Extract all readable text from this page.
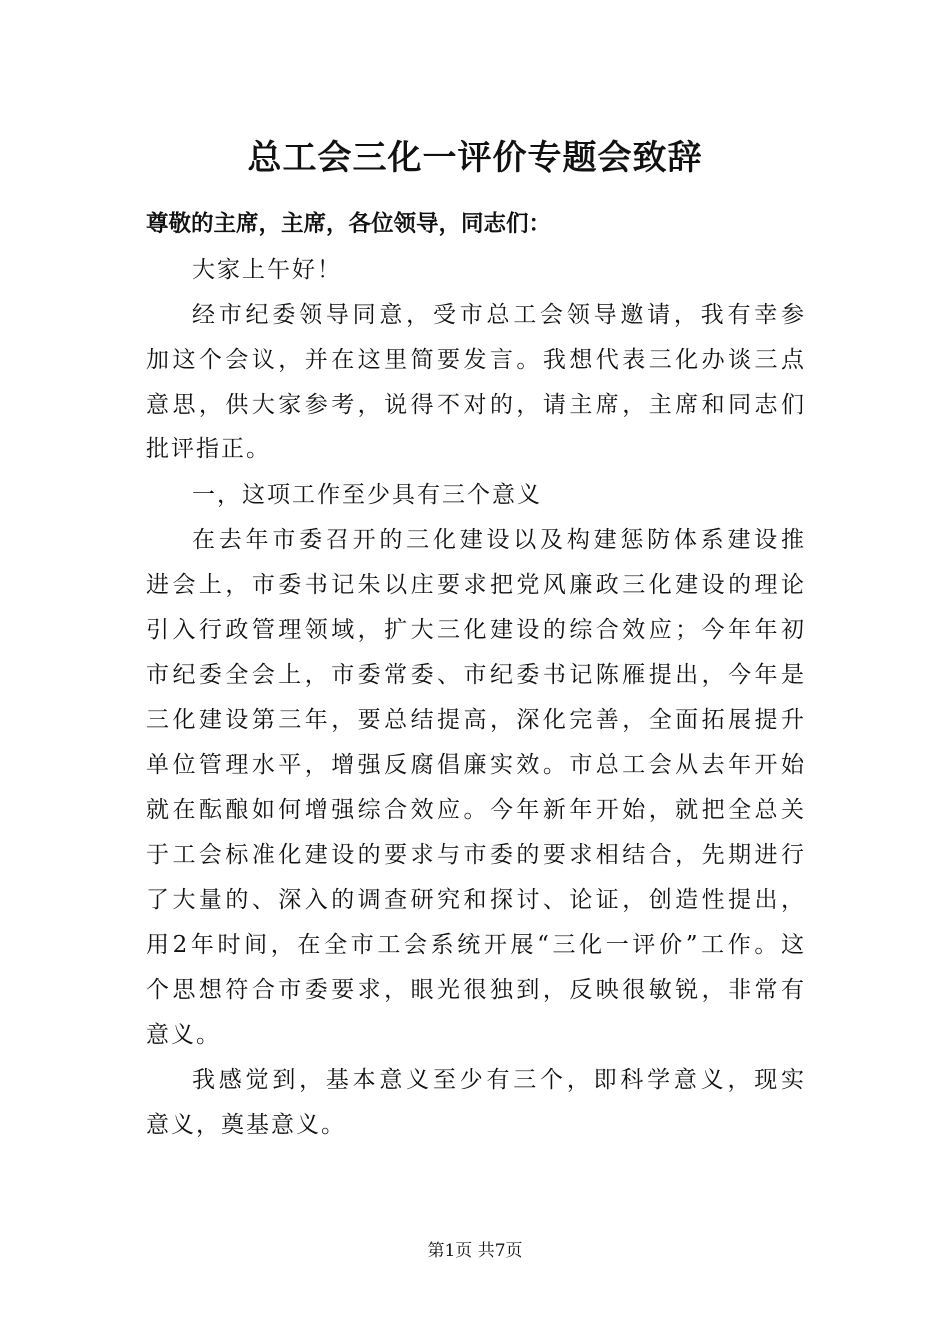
总工会三化一评价专题会致辞
尊敬的主席，主席，各位领导，同志们：
大家上午好！
经市纪委领导同意，受市总工会领导邀请，我有幸参
加这个会议，并在这里简要发言。我想代表三化办谈三点
意思，供大家参考，说得不对的，请主席，主席和同志们
批评指正。
一，这项工作至少具有三个意义
在去年市委召开的三化建设以及构建惩防体系建设推
进会上，市委书记朱以庄要求把党风廉政三化建设的理论
引入行政管理领域，扩大三化建设的综合效应；今年年初
市纪委全会上，市委常委、市纪委书记陈雁提出，今年是
三化建设第三年，要总结提高，深化完善，全面拓展提升
单位管理水平，增强反腐倡廉实效。市总工会从去年开始
就在酝酿如何增强综合效应。今年新年开始，就把全总关
于工会标准化建设的要求与市委的要求相结合，先期进行
了大量的、深入的调查研究和探讨、论证，创造性提出，
用2年时间，在全市工会系统开展“三化一评价”工作。这
个思想符合市委要求，眼光很独到，反映很敏锐，非常有
意义。
我感觉到，基本意义至少有三个，即科学意义，现实
意义，奠基意义。
第1页 共7页
